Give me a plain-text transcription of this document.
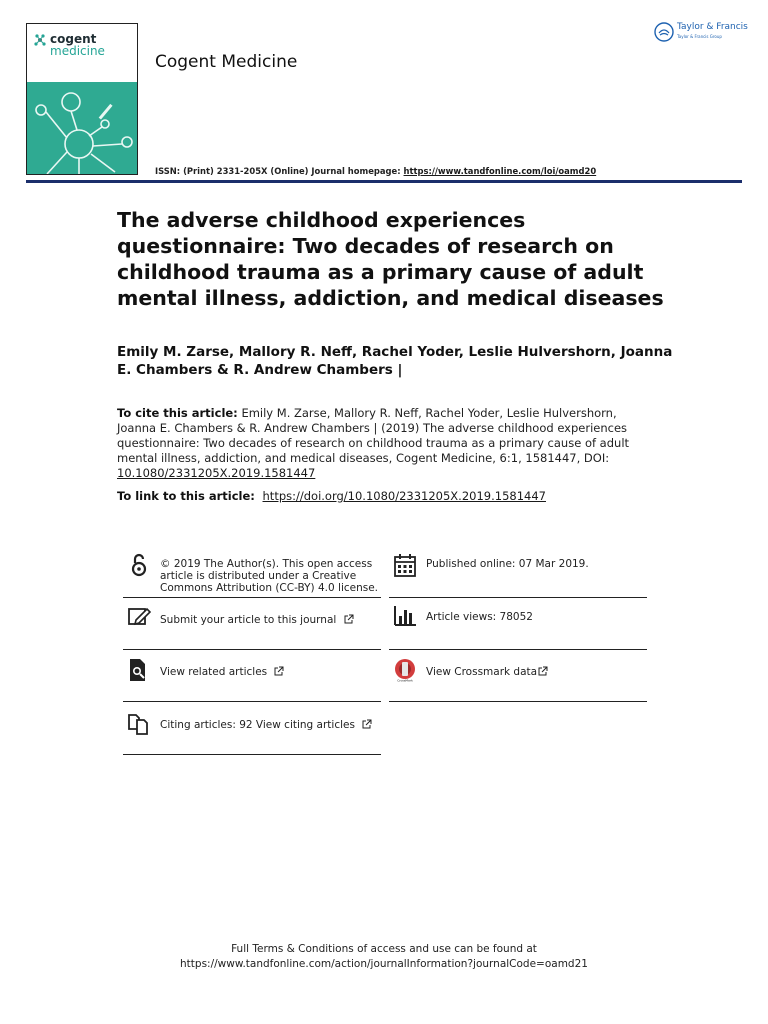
cogent
medicine
Cogent Medicine
Taylor & Francis
Taylor & Francis Group
ISSN: (Print) 2331-205X (Online) Journal homepage: https://www.tandfonline.com/loi/oamd20
The adverse childhood experiences questionnaire: Two decades of research on childhood trauma as a primary cause of adult mental illness, addiction, and medical diseases
Emily M. Zarse, Mallory R. Neff, Rachel Yoder, Leslie Hulvershorn, Joanna E. Chambers & R. Andrew Chambers |
To cite this article: Emily M. Zarse, Mallory R. Neff, Rachel Yoder, Leslie Hulvershorn, Joanna E. Chambers & R. Andrew Chambers | (2019) The adverse childhood experiences questionnaire: Two decades of research on childhood trauma as a primary cause of adult mental illness, addiction, and medical diseases, Cogent Medicine, 6:1, 1581447, DOI: 10.1080/2331205X.2019.1581447
To link to this article:  https://doi.org/10.1080/2331205X.2019.1581447
© 2019 The Author(s). This open access
article is distributed under a Creative
Commons Attribution (CC-BY) 4.0 license.
Submit your article to this journal
View related articles
Citing articles: 92 View citing articles
Published online: 07 Mar 2019.
Article views: 78052
CrossMark
View Crossmark data
Full Terms & Conditions of access and use can be found at
https://www.tandfonline.com/action/journalInformation?journalCode=oamd21
